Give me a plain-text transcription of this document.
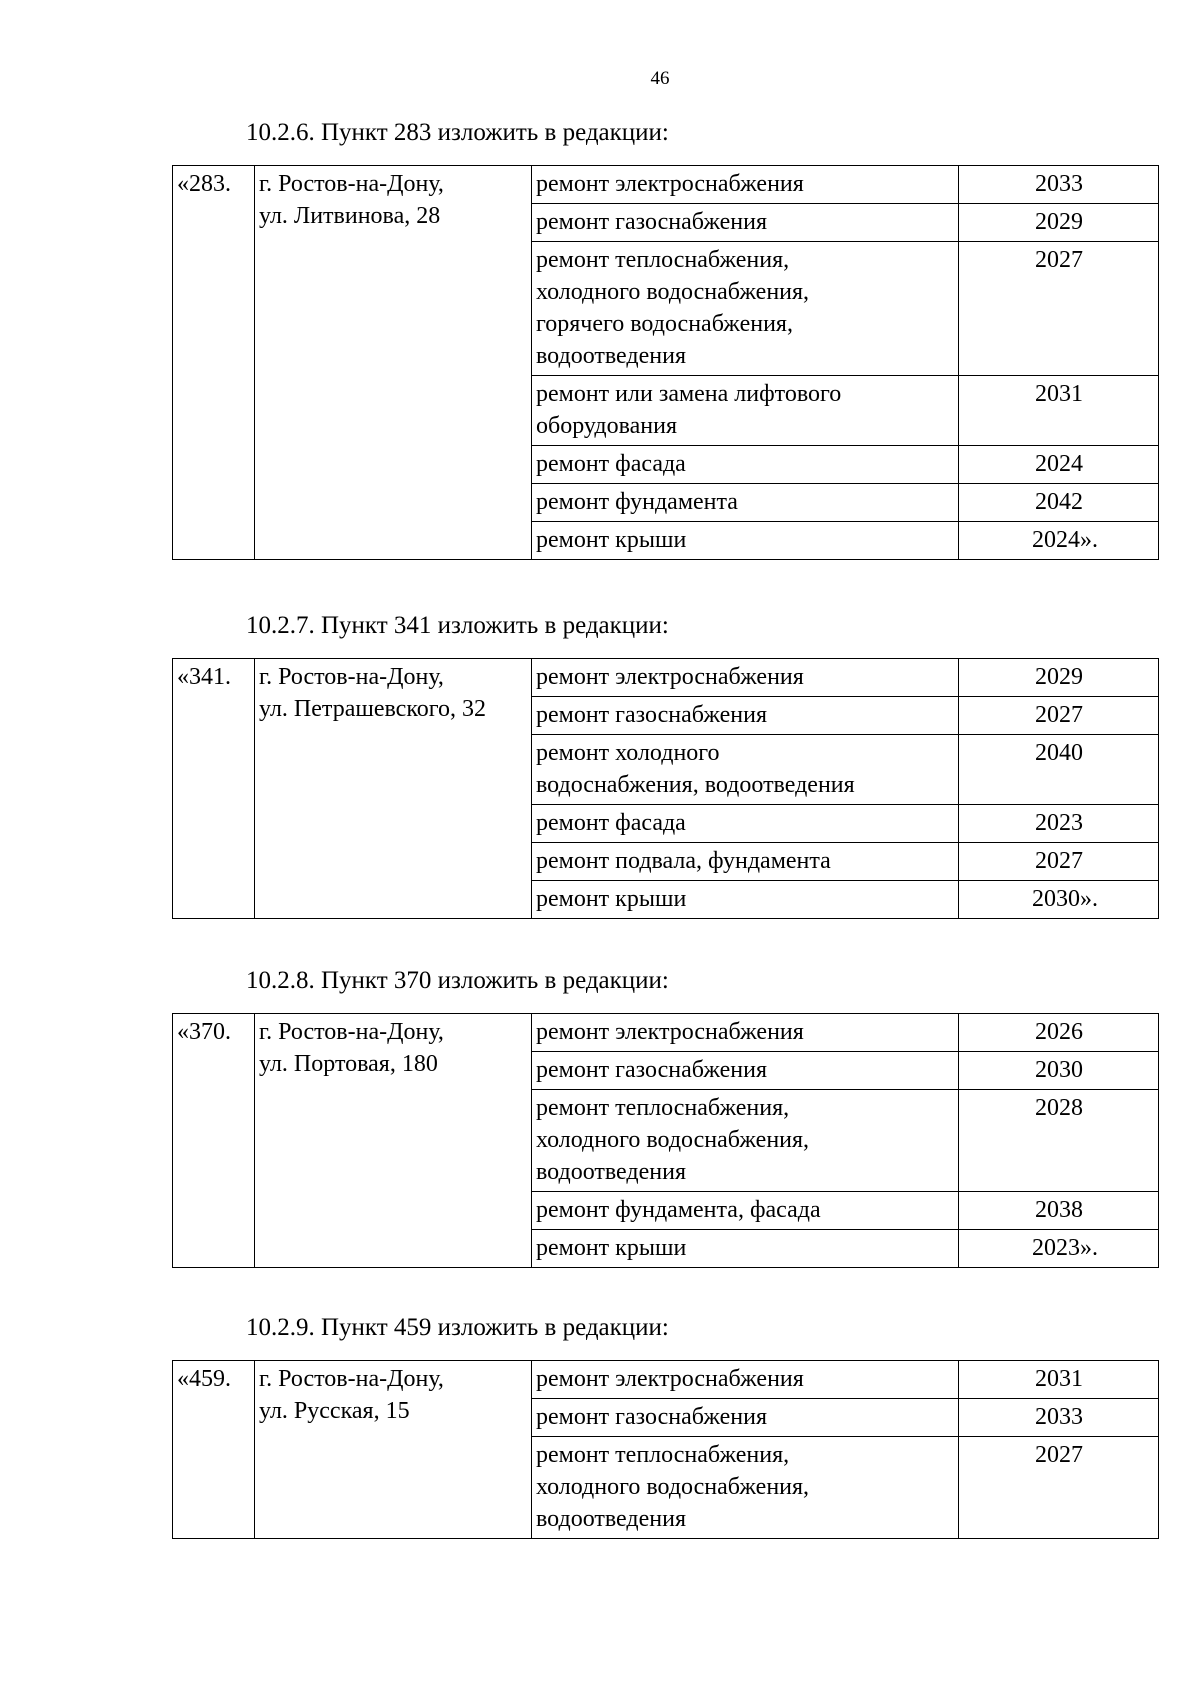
46
10.2.6. Пункт 283 изложить в редакции:
«283.	г. Ростов-на-Дону,
ул. Литвинова, 28	ремонт электроснабжения	2033
		ремонт газоснабжения	2029
		ремонт теплоснабжения,
холодного водоснабжения,
горячего водоснабжения,
водоотведения	2027
		ремонт или замена лифтового
оборудования	2031
		ремонт фасада	2024
		ремонт фундамента	2042
		ремонт крыши	2024».
10.2.7. Пункт 341 изложить в редакции:
«341.	г. Ростов-на-Дону,
ул. Петрашевского, 32	ремонт электроснабжения	2029
		ремонт газоснабжения	2027
		ремонт холодного
водоснабжения, водоотведения	2040
		ремонт фасада	2023
		ремонт подвала, фундамента	2027
		ремонт крыши	2030».
10.2.8. Пункт 370 изложить в редакции:
«370.	г. Ростов-на-Дону,
ул. Портовая, 180	ремонт электроснабжения	2026
		ремонт газоснабжения	2030
		ремонт теплоснабжения,
холодного водоснабжения,
водоотведения	2028
		ремонт фундамента, фасада	2038
		ремонт крыши	2023».
10.2.9. Пункт 459 изложить в редакции:
«459.	г. Ростов-на-Дону,
ул. Русская, 15	ремонт электроснабжения	2031
		ремонт газоснабжения	2033
		ремонт теплоснабжения,
холодного водоснабжения,
водоотведения	2027
